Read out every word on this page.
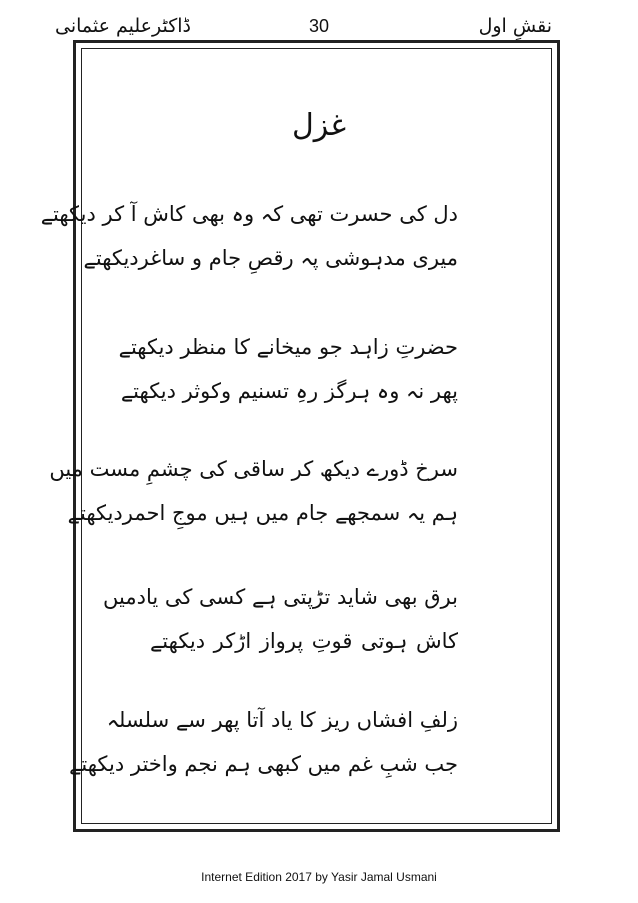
نقشِ اول
30
ڈاکٹرعلیم عثمانی
غزل
دل کی حسرت تھی کہ وہ بھی کاش آ کر دیکھتے
میری مدہوشی پہ رقصِ جام و ساغردیکھتے
حضرتِ زاہد جو میخانے کا منظر دیکھتے
پھر نہ وہ ہرگز رہِ تسنیم وکوثر دیکھتے
سرخ ڈورے دیکھ کر ساقی کی چشمِ مست میں
ہم یہ سمجھے جام میں ہیں موجِ احمردیکھتے
برق بھی شاید تڑپتی ہے کسی کی یادمیں
کاش ہوتی قوتِ پرواز اڑکر دیکھتے
زلفِ افشاں ریز کا یاد آتا پھر سے سلسلہ
جب شبِ غم میں کبھی ہم نجم واختر دیکھتے
Internet Edition 2017 by Yasir Jamal Usmani
